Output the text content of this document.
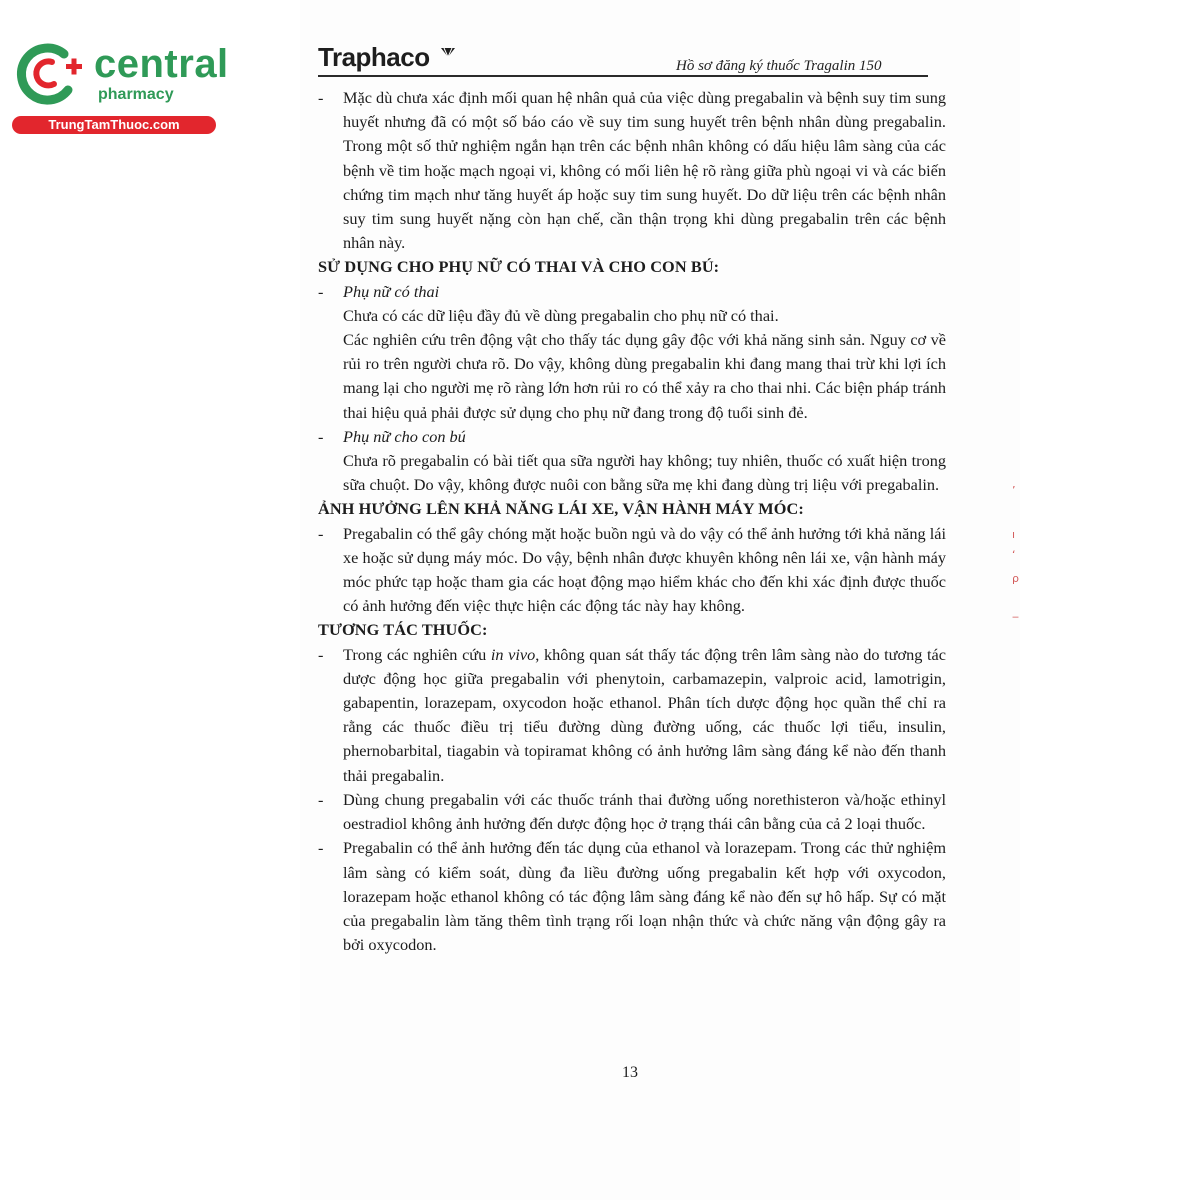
central
pharmacy
TrungTamThuoc.com
Traphaco	Hồ sơ đăng ký thuốc Tragalin 150
-	Mặc dù chưa xác định mối quan hệ nhân quả của việc dùng pregabalin và bệnh suy tim sung huyết nhưng đã có một số báo cáo về suy tim sung huyết trên bệnh nhân dùng pregabalin. Trong một số thử nghiệm ngắn hạn trên các bệnh nhân không có dấu hiệu lâm sàng của các bệnh về tim hoặc mạch ngoại vi, không có mối liên hệ rõ ràng giữa phù ngoại vi và các biến chứng tim mạch như tăng huyết áp hoặc suy tim sung huyết. Do dữ liệu trên các bệnh nhân suy tim sung huyết nặng còn hạn chế, cần thận trọng khi dùng pregabalin trên các bệnh nhân này.
SỬ DỤNG CHO PHỤ NỮ CÓ THAI VÀ CHO CON BÚ:
-	Phụ nữ có thai
Chưa có các dữ liệu đầy đủ về dùng pregabalin cho phụ nữ có thai.
Các nghiên cứu trên động vật cho thấy tác dụng gây độc với khả năng sinh sản. Nguy cơ về rủi ro trên người chưa rõ. Do vậy, không dùng pregabalin khi đang mang thai trừ khi lợi ích mang lại cho người mẹ rõ ràng lớn hơn rủi ro có thể xảy ra cho thai nhi. Các biện pháp tránh thai hiệu quả phải được sử dụng cho phụ nữ đang trong độ tuổi sinh đẻ.
-	Phụ nữ cho con bú
Chưa rõ pregabalin có bài tiết qua sữa người hay không; tuy nhiên, thuốc có xuất hiện trong sữa chuột. Do vậy, không được nuôi con bằng sữa mẹ khi đang dùng trị liệu với pregabalin.
ẢNH HƯỞNG LÊN KHẢ NĂNG LÁI XE, VẬN HÀNH MÁY MÓC:
-	Pregabalin có thể gây chóng mặt hoặc buồn ngủ và do vậy có thể ảnh hưởng tới khả năng lái xe hoặc sử dụng máy móc. Do vậy, bệnh nhân được khuyên không nên lái xe, vận hành máy móc phức tạp hoặc tham gia các hoạt động mạo hiểm khác cho đến khi xác định được thuốc có ảnh hưởng đến việc thực hiện các động tác này hay không.
TƯƠNG TÁC THUỐC:
-	Trong các nghiên cứu in vivo, không quan sát thấy tác động trên lâm sàng nào do tương tác dược động học giữa pregabalin với phenytoin, carbamazepin, valproic acid, lamotrigin, gabapentin, lorazepam, oxycodon hoặc ethanol. Phân tích dược động học quần thể chỉ ra rằng các thuốc điều trị tiểu đường dùng đường uống, các thuốc lợi tiểu, insulin, phernobarbital, tiagabin và topiramat không có ảnh hưởng lâm sàng đáng kể nào đến thanh thải pregabalin.
-	Dùng chung pregabalin với các thuốc tránh thai đường uống norethisteron và/hoặc ethinyl oestradiol không ảnh hưởng đến dược động học ở trạng thái cân bằng của cả 2 loại thuốc.
-	Pregabalin có thể ảnh hưởng đến tác dụng của ethanol và lorazepam. Trong các thử nghiệm lâm sàng có kiểm soát, dùng đa liều đường uống pregabalin kết hợp với oxycodon, lorazepam hoặc ethanol không có tác động lâm sàng đáng kể nào đến sự hô hấp. Sự có mặt của pregabalin làm tăng thêm tình trạng rối loạn nhận thức và chức năng vận động gây ra bởi oxycodon.
13
ʼ
ı
ʻ
ρ
‒
